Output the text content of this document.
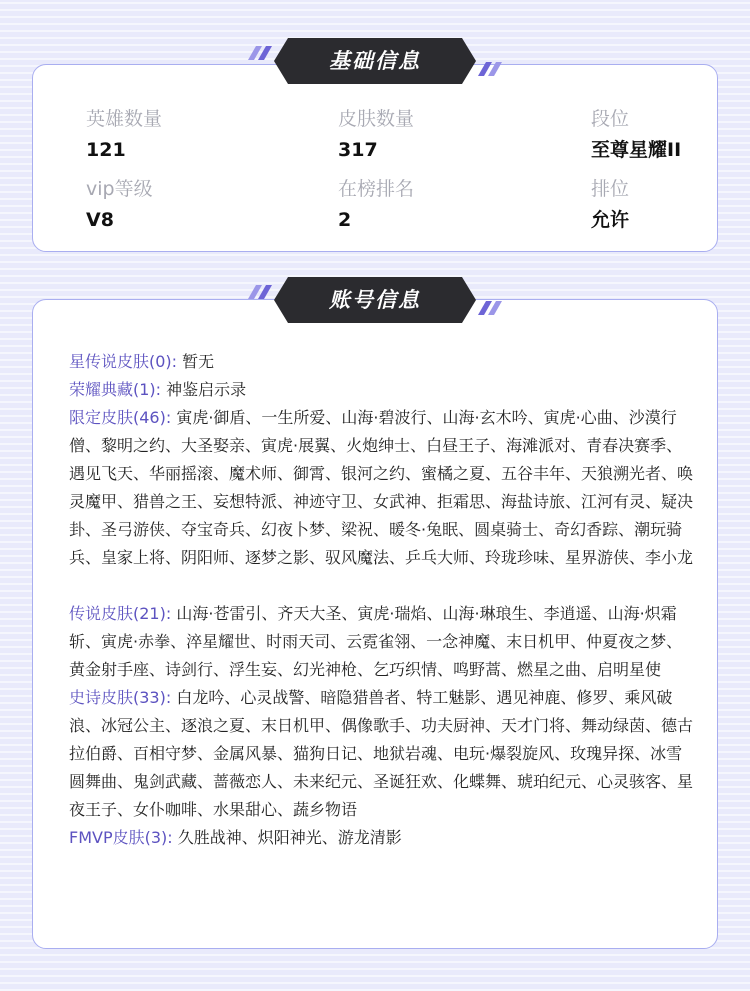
英雄数量
121
皮肤数量
317
段位
至尊星耀II
vip等级
V8
在榜排名
2
排位
允许
基础信息

星传说皮肤(0): 暂无

荣耀典藏(1): 神鉴启示录

限定皮肤(46): 寅虎·御盾、一生所爱、山海·碧波行、山海·玄木吟、寅虎·心曲、沙漠行僧、黎明之约、大圣娶亲、寅虎·展翼、火炮绅士、白昼王子、海滩派对、青春决赛季、遇见飞天、华丽摇滚、魔术师、御霄、银河之约、蜜橘之夏、五谷丰年、天狼溯光者、唤灵魔甲、猎兽之王、妄想特派、神迹守卫、女武神、拒霜思、海盐诗旅、江河有灵、疑决卦、圣弓游侠、夺宝奇兵、幻夜卜梦、梁祝、暖冬·兔眠、圆桌骑士、奇幻香踪、潮玩骑兵、皇家上将、阴阳师、逐梦之影、驭风魔法、乒乓大师、玲珑珍味、星界游侠、李小龙

传说皮肤(21): 山海·苍雷引、齐天大圣、寅虎·瑞焰、山海·琳琅生、李逍遥、山海·炽霜斩、寅虎·赤拳、淬星耀世、时雨天司、云霓雀翎、一念神魔、末日机甲、仲夏夜之梦、黄金射手座、诗剑行、浮生妄、幻光神枪、乞巧织情、鸣野蒿、燃星之曲、启明星使

史诗皮肤(33): 白龙吟、心灵战警、暗隐猎兽者、特工魅影、遇见神鹿、修罗、乘风破浪、冰冠公主、逐浪之夏、末日机甲、偶像歌手、功夫厨神、天才门将、舞动绿茵、德古拉伯爵、百相守梦、金属风暴、猫狗日记、地狱岩魂、电玩·爆裂旋风、玫瑰异探、冰雪圆舞曲、鬼剑武藏、蔷薇恋人、未来纪元、圣诞狂欢、化蝶舞、琥珀纪元、心灵骇客、星夜王子、女仆咖啡、水果甜心、蔬乡物语

FMVP皮肤(3): 久胜战神、炽阳神光、游龙清影

账号信息
